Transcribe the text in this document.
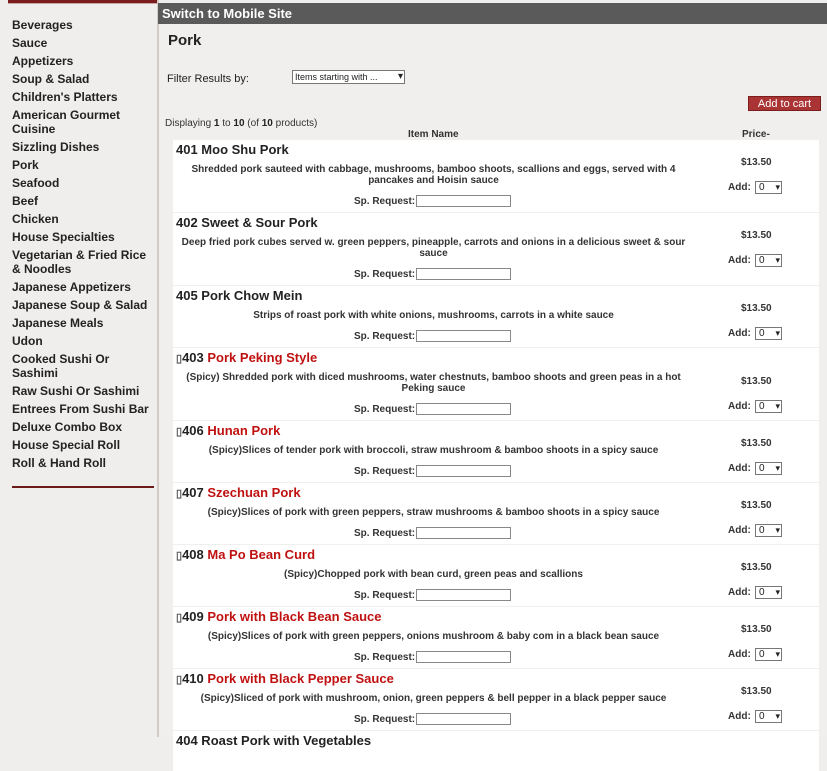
Beverages
Sauce
Appetizers
Soup & Salad
Children's Platters
American Gourmet Cuisine
Sizzling Dishes
Pork
Seafood
Beef
Chicken
House Specialties
Vegetarian & Fried Rice & Noodles
Japanese Appetizers
Japanese Soup & Salad
Japanese Meals
Udon
Cooked Sushi Or Sashimi
Raw Sushi Or Sashimi
Entrees From Sushi Bar
Deluxe Combo Box
House Special Roll
Roll & Hand Roll
Switch to Mobile Site
Pork
Filter Results by:	Items starting with ... ▾
Add to cart
Displaying 1 to 10 (of 10 products)
Item Name	Price-
401 Moo Shu Pork
Shredded pork sauteed with cabbage, mushrooms, bamboo shoots, scallions and eggs, served with 4 pancakes and Hoisin sauce
Sp. Request:
$13.50
Add: 0 ▾
402 Sweet & Sour Pork
Deep fried pork cubes served w. green peppers, pineapple, carrots and onions in a delicious sweet & sour sauce
Sp. Request:
$13.50
Add: 0 ▾
405 Pork Chow Mein
Strips of roast pork with white onions, mushrooms, carrots in a white sauce
Sp. Request:
$13.50
Add: 0 ▾
▯403 Pork Peking Style
(Spicy) Shredded pork with diced mushrooms, water chestnuts, bamboo shoots and green peas in a hot Peking sauce
Sp. Request:
$13.50
Add: 0 ▾
▯406 Hunan Pork
(Spicy)Slices of tender pork with broccoli, straw mushroom & bamboo shoots in a spicy sauce
Sp. Request:
$13.50
Add: 0 ▾
▯407 Szechuan Pork
(Spicy)Slices of pork with green peppers, straw mushrooms & bamboo shoots in a spicy sauce
Sp. Request:
$13.50
Add: 0 ▾
▯408 Ma Po Bean Curd
(Spicy)Chopped pork with bean curd, green peas and scallions
Sp. Request:
$13.50
Add: 0 ▾
▯409 Pork with Black Bean Sauce
(Spicy)Slices of pork with green peppers, onions mushroom & baby com in a black bean sauce
Sp. Request:
$13.50
Add: 0 ▾
▯410 Pork with Black Pepper Sauce
(Spicy)Sliced of pork with mushroom, onion, green peppers & bell pepper in a black pepper sauce
Sp. Request:
$13.50
Add: 0 ▾
404 Roast Pork with Vegetables
